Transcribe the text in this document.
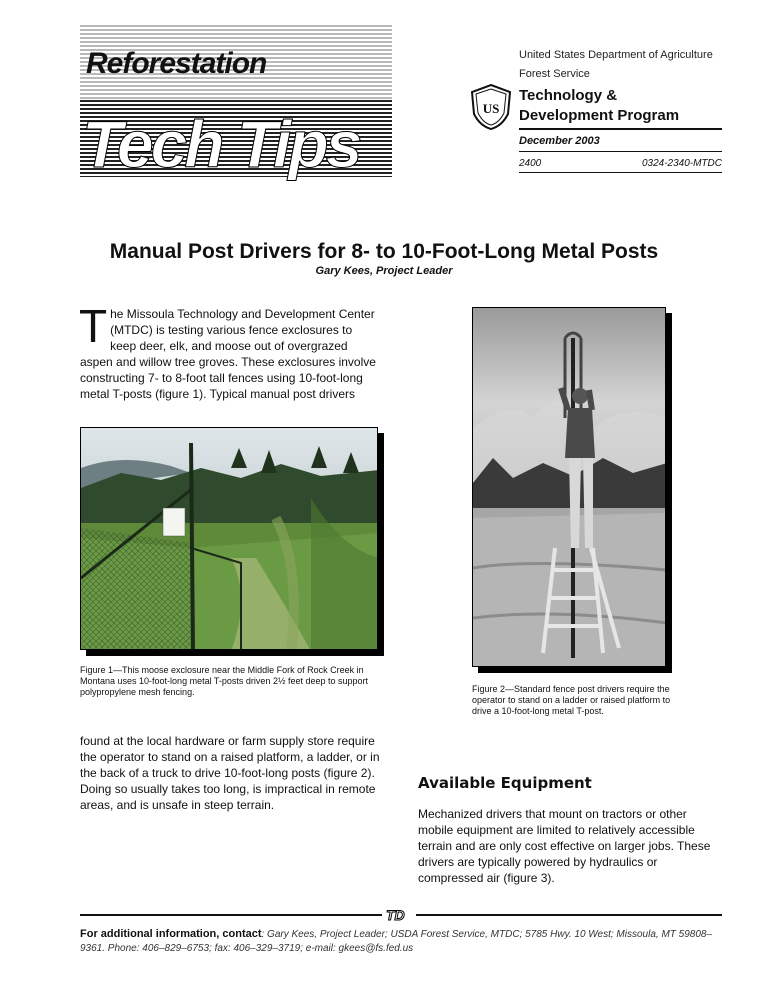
Reforestation
Tech Tips
United States Department of Agriculture
Forest Service
US
Technology &
Development Program
December 2003
2400	0324-2340-MTDC
Manual Post Drivers for 8- to 10-Foot-Long Metal Posts
Gary Kees, Project Leader
The Missoula Technology and Development Center (MTDC) is testing various fence exclosures to keep deer, elk, and moose out of overgrazed aspen and willow tree groves. These exclosures involve constructing 7- to 8-foot tall fences using 10-foot-long metal T-posts (figure 1). Typical manual post drivers
Figure 1—This moose exclosure near the Middle Fork of Rock Creek in Montana uses 10-foot-long metal T-posts driven 2½ feet deep to support polypropylene mesh fencing.	Figure 2—Standard fence post drivers require the operator to stand on a ladder or raised platform to drive a 10-foot-long metal T-post.
found at the local hardware or farm supply store require the operator to stand on a raised platform, a ladder, or in the back of a truck to drive 10-foot-long posts (figure 2). Doing so usually takes too long, is impractical in remote areas, and is unsafe in steep terrain.
Available Equipment
Mechanized drivers that mount on tractors or other mobile equipment are limited to relatively accessible terrain and are only cost effective on larger jobs. These drivers are typically powered by hydraulics or compressed air (figure 3).
TD
For additional information, contact: Gary Kees, Project Leader; USDA Forest Service, MTDC; 5785 Hwy. 10 West; Missoula, MT 59808–9361. Phone: 406–829–6753; fax: 406–329–3719; e-mail: gkees@fs.fed.us
